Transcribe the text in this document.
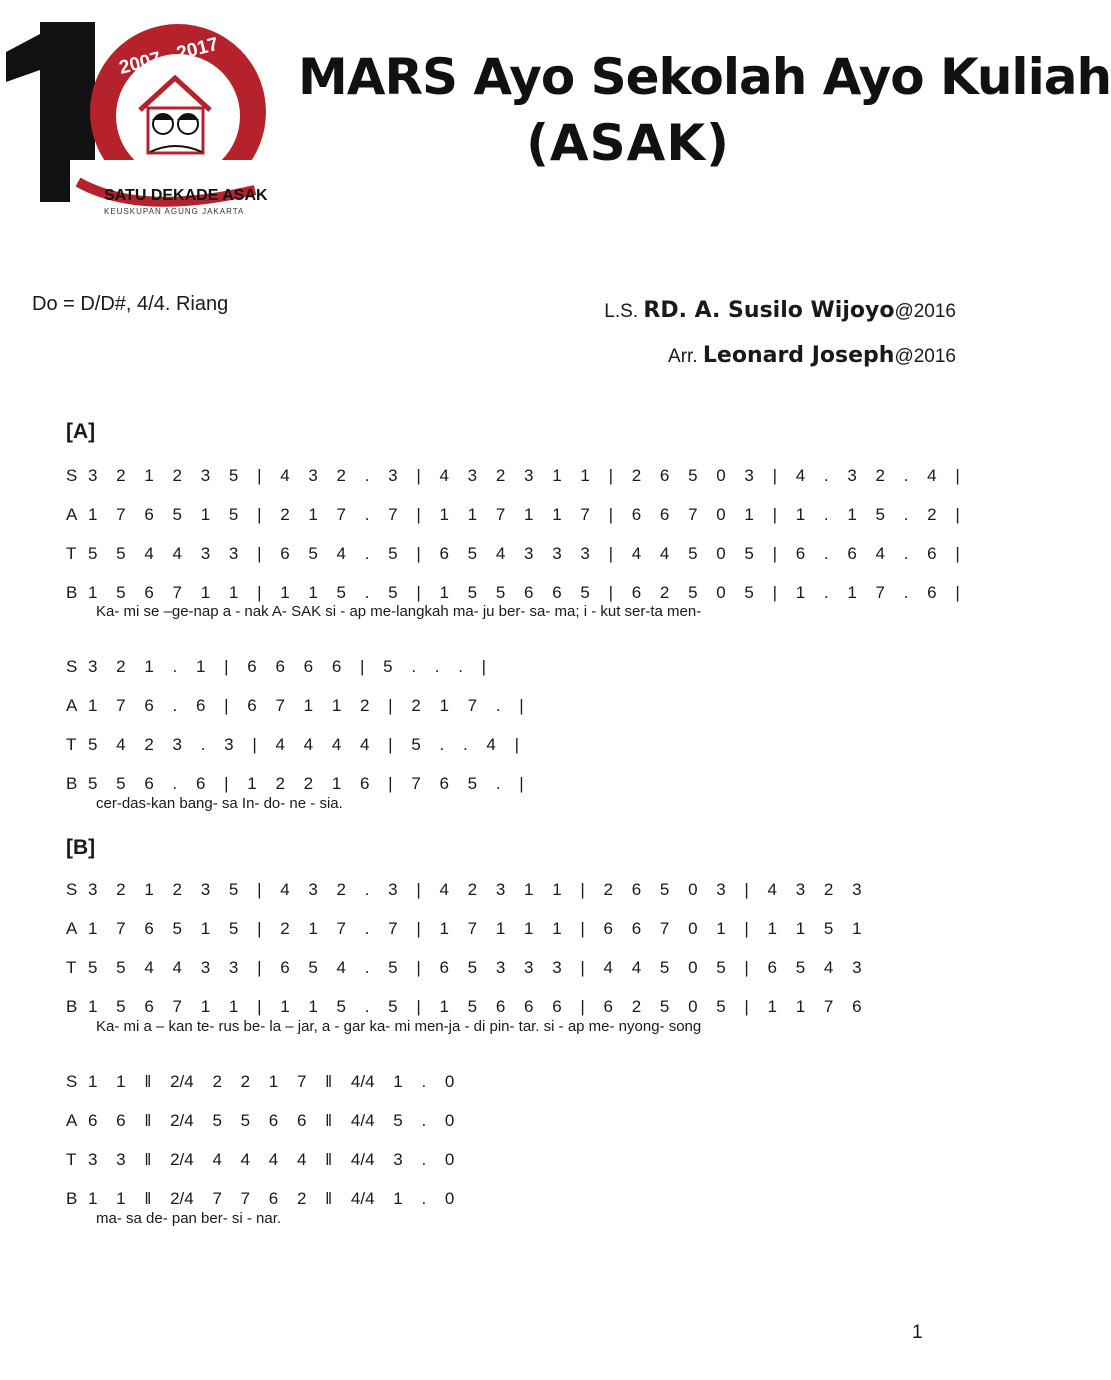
2007 - 2017
SATU DEKADE ASAK
KEUSKUPAN AGUNG JAKARTA
MARS Ayo Sekolah Ayo Kuliah
(ASAK)
Do = D/D#, 4/4. Riang	L.S. RD. A. Susilo Wijoyo@2016
Arr. Leonard Joseph@2016
[A]
S 3 2 1 2 3 5 | 4 3 2 . 3 | 4 3 2 3 1 1 | 2 6 5 0 3 | 4 . 3 2 . 4 |
A 1 7 6 5 1 5 | 2 1 7 . 7 | 1 1 7 1 1 7 | 6 6 7 0 1 | 1 . 1 5 . 2 |
T 5 5 4 4 3 3 | 6 5 4 . 5 | 6 5 4 3 3 3 | 4 4 5 0 5 | 6 . 6 4 . 6 |
B 1 5 6 7 1 1 | 1 1 5 . 5 | 1 5 5 6 6 5 | 6 2 5 0 5 | 1 . 1 7 . 6 |
Ka- mi se –ge-nap a - nak A- SAK si - ap me-langkah ma- ju ber- sa- ma; i - kut ser-ta men-
S 3 2 1 . 1 | 6 6 6 6 | 5 . . . |
A 1 7 6 . 6 | 6 7 1 1 2 | 2 1 7 . |
T 5 4 2 3 . 3 | 4 4 4 4 | 5 . . 4 |
B 5 5 6 . 6 | 1 2 2 1 6 | 7 6 5 . |
cer-das-kan bang- sa In- do- ne - sia.
[B]
S 3 2 1 2 3 5 | 4 3 2 . 3 | 4 2 3 1 1 | 2 6 5 0 3 | 4 3 2 3
A 1 7 6 5 1 5 | 2 1 7 . 7 | 1 7 1 1 1 | 6 6 7 0 1 | 1 1 5 1
T 5 5 4 4 3 3 | 6 5 4 . 5 | 6 5 3 3 3 | 4 4 5 0 5 | 6 5 4 3
B 1 5 6 7 1 1 | 1 1 5 . 5 | 1 5 6 6 6 | 6 2 5 0 5 | 1 1 7 6
Ka- mi a – kan te- rus be- la – jar, a - gar ka- mi men-ja - di pin- tar. si - ap me- nyong- song
S 1 1 ‖ 2/4 2 2 1 7 ‖ 4/4 1 . 0
A 6 6 ‖ 2/4 5 5 6 6 ‖ 4/4 5 . 0
T 3 3 ‖ 2/4 4 4 4 4 ‖ 4/4 3 . 0
B 1 1 ‖ 2/4 7 7 6 2 ‖ 4/4 1 . 0
ma- sa de- pan ber- si - nar.
1
